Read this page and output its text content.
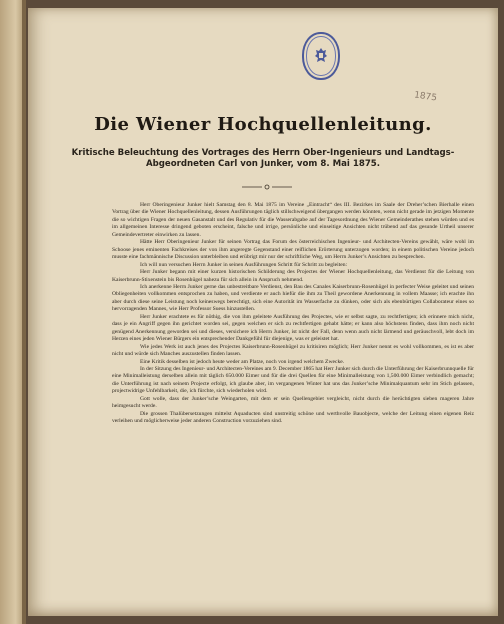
1875
Die Wiener Hochquellenleitung.
Kritische Beleuchtung des Vortrages des Herrn Ober-Ingenieurs und Landtags-Abgeordneten Carl von Junker, vom 8. Mai 1875.

Herr Oberingenieur Junker hielt Samstag den 8. Mai 1875 im Vereine „Eintracht“ des III. Bezirkes im Saale der Dreher’schen Bierhalle einen Vortrag über die Wiener Hochquellenleitung, dessen Ausführungen täglich stillschweigend übergangen werden könnten, wenn nicht gerade im jetzigen Momente die so wichtigen Fragen der neuen Gasanstalt und des Regulativ für die Wasserabgabe auf der Tagesordnung des Wiener Gemeinderathes stehen würden und es im allgemeinen Interesse dringend geboten erscheint, falsche und irrige, persönliche und einseitige Ansichten nicht trübend auf das gesunde Urtheil unserer Gemeindevertreter einwirken zu lassen.

Hätte Herr Oberingenieur Junker für seinen Vortrag das Forum des österreichischen Ingenieur- und Architecten-Vereins gewählt, wäre wohl im Schoose jenes eminenten Fachkreises der von ihm angeregte Gegenstand einer reiflichen Erörterung unterzogen worden; in einem politischen Vereine jedoch musste eine fachmännische Discussion unterbleiben und erübrigt mir nur der schriftliche Weg, um Herrn Junker’s Ansichten zu besprechen.

Ich will nun versuchen Herrn Junker in seinen Ausführungen Schritt für Schritt zu begleiten:

Herr Junker begann mit einer kurzen historischen Schilderung des Projectes der Wiener Hochquellenleitung, das Verdienst für die Leitung von Kaiserbrunn-Stixenstein bis Rosenhügel nahezu für sich allein in Anspruch nehmend.

Ich anerkenne Herrn Junker gerne das unbestreitbare Verdienst, den Bau des Canales Kaiserbrunn-Rosenhügel in perfecter Weise geleitet und seinen Obliegenheiten vollkommen entsprochen zu haben, und verdiente er auch hiefür die ihm zu Theil gewordene Anerkennung in vollem Maasse; ich erachte ihn aber durch diese seine Leistung noch keineswegs berechtigt, sich eine Autorität im Wasserfache zu dünken, oder sich als ebenbürtigen Collaborateur eines so hervorragenden Mannes, wie Herr Professor Suess hinzustellen.

Herr Junker erachtete es für nöthig, die von ihm geleitete Ausführung des Projectes, wie er selbst sagte, zu rechtfertigen; ich erinnere mich nicht, dass je ein Angriff gegen ihn gerichtet worden sei, gegen welchen er sich zu rechtfertigen gehabt hätte; er kann also höchstens finden, dass ihm noch nicht genügend Anerkennung geworden sei und dieses, versichere ich Herrn Junker, ist nicht der Fall, denn wenn auch nicht lärmend und geräuschvoll, lebt doch im Herzen eines jeden Wiener Bürgers ein entsprechender Dankgefühl für diejenige, was er geleistet hat.

Wie jedes Werk ist auch jenes des Projectes Kaiserbrunn-Rosenhügel zu kritisiren möglich; Herr Junker nennt es wohl vollkommen, es ist es aber nicht und würde sich Manches auszustellen finden lassen.

Eine Kritik desselben ist jedoch heute weder am Platze, noch von irgend welchem Zwecke.

In der Sitzung des Ingenieur- und Architecten-Vereines am 9. December 1865 hat Herr Junker sich durch die Unterführung der Kaiserbrunnquelle für eine Minimalleistung derselben allein mit täglich 650.000 Eimer und für die drei Quellen für eine Minimalleistung von 1,500.000 Eimer verbindlich gemacht; die Unterführung ist nach seinem Projecte erfolgt, ich glaube aber, im vergangenen Winter hat uns das Junker’sche Minimalquantum sehr im Stich gelassen, projectwidrige Unfehlbarkeit, die, ich fürchte, sich wiederholen wird.

Gott wolle, dass der Junker’sche Weingarten, mit dem er sein Quellengebiet vergleicht, nicht durch die herüchtigten sieben mageren Jahre heimgesucht werde.

Die grossen Thalübersetzungen mittelst Aquaducten sind unstreitig schöne und werthvolle Bauobjecte, welche der Leitung einen eigenen Reiz verleihen und möglicherweise jeder anderen Construction vorzuziehen sind.
